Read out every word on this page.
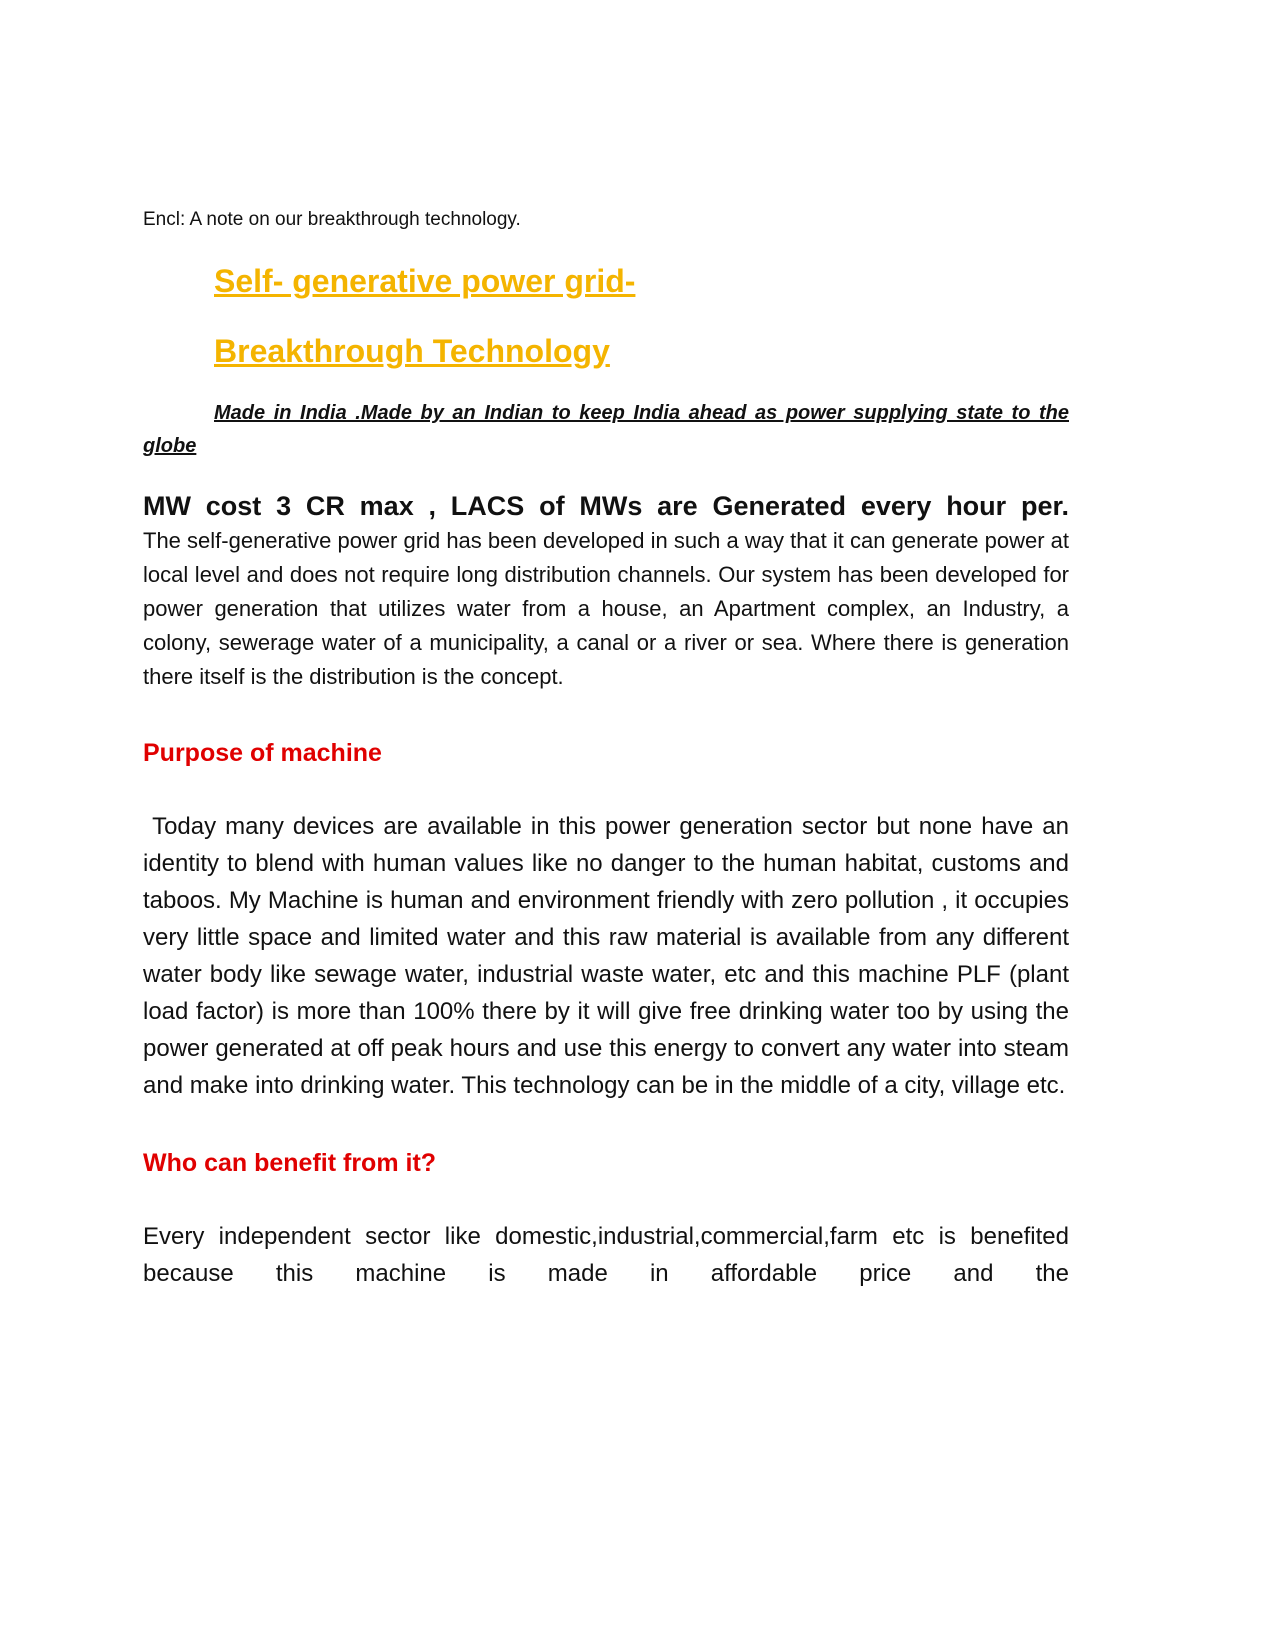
Encl: A note on our breakthrough technology.

Self- generative power grid-

Breakthrough Technology

Made in India .Made by an Indian to keep India ahead as power supplying state to the globe

MW cost 3 CR max , LACS of MWs are Generated every hour per.

The self-generative power grid has been developed in such a way that it can generate power at local level and does not require long distribution channels. Our system has been developed for power generation that utilizes water from a house, an Apartment complex, an Industry, a colony, sewerage water of a municipality, a canal or a river or sea. Where there is generation there itself is the distribution is the concept.

Purpose of machine

Today many devices are available in this power generation sector but none have an identity to blend with human values like no danger to the human habitat, customs and taboos. My Machine is human and environment friendly with zero pollution , it occupies very little space and limited water and this raw material is available from any different water body like sewage water, industrial waste water, etc and this machine PLF (plant load factor) is more than 100% there by it will give free drinking water too by using the power generated at off peak hours and use this energy to convert any water into steam and make into drinking water. This technology can be in the middle of a city, village etc.

Who can benefit from it?

Every independent sector like domestic,industrial,commercial,farm etc is benefited because this machine is made in affordable price and the
